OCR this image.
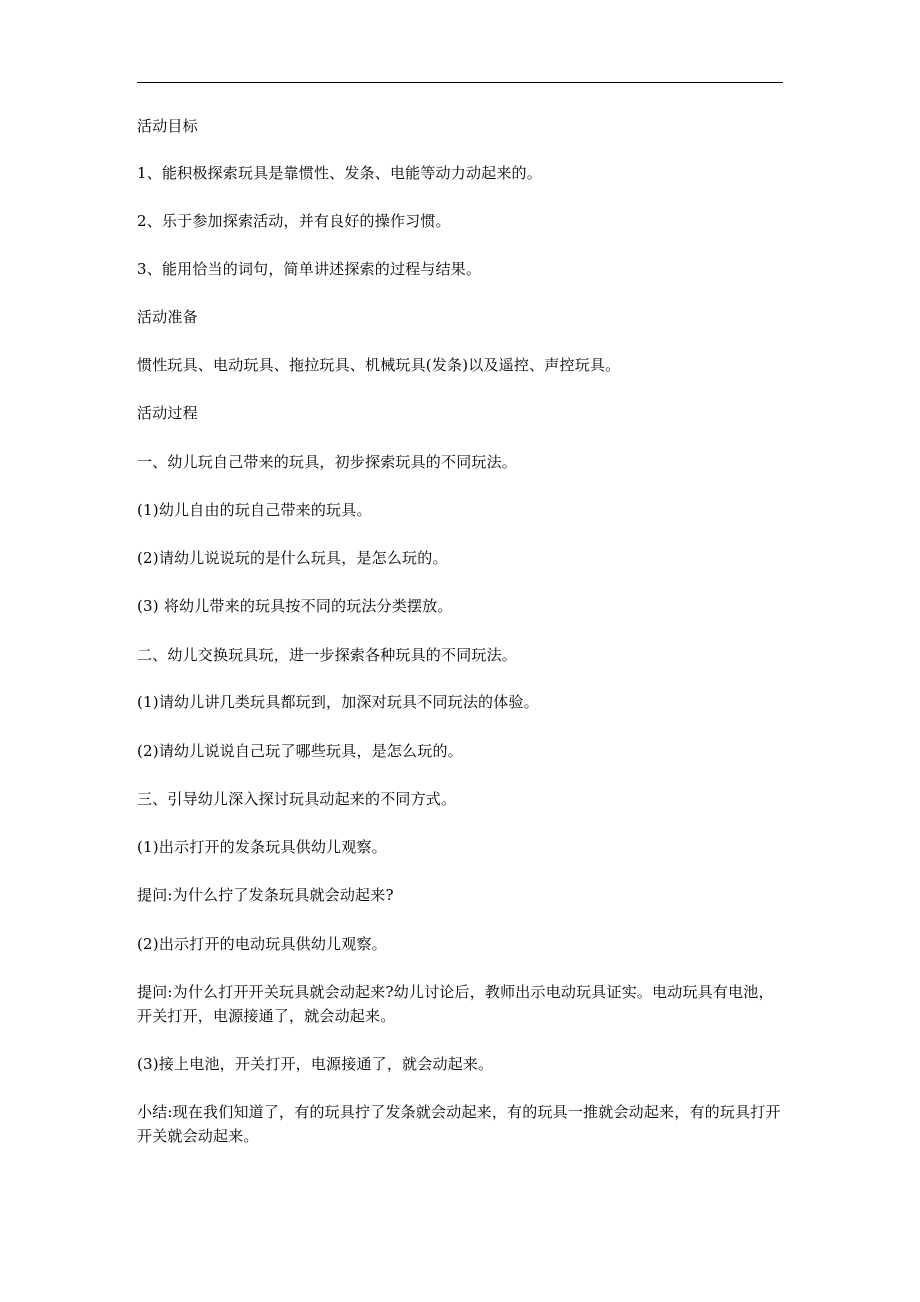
活动目标

1、能积极探索玩具是靠惯性、发条、电能等动力动起来的。

2、乐于参加探索活动，并有良好的操作习惯。

3、能用恰当的词句，简单讲述探索的过程与结果。

活动准备

惯性玩具、电动玩具、拖拉玩具、机械玩具(发条)以及遥控、声控玩具。

活动过程

一、幼儿玩自己带来的玩具，初步探索玩具的不同玩法。

(1)幼儿自由的玩自己带来的玩具。

(2)请幼儿说说玩的是什么玩具，是怎么玩的。

(3) 将幼儿带来的玩具按不同的玩法分类摆放。

二、幼儿交换玩具玩，进一步探索各种玩具的不同玩法。

(1)请幼儿讲几类玩具都玩到，加深对玩具不同玩法的体验。

(2)请幼儿说说自己玩了哪些玩具，是怎么玩的。

三、引导幼儿深入探讨玩具动起来的不同方式。

(1)出示打开的发条玩具供幼儿观察。

提问:为什么拧了发条玩具就会动起来?

(2)出示打开的电动玩具供幼儿观察。

提问:为什么打开开关玩具就会动起来?幼儿讨论后，教师出示电动玩具证实。电动玩具有电池，开关打开，电源接通了，就会动起来。

(3)接上电池，开关打开，电源接通了，就会动起来。

小结:现在我们知道了，有的玩具拧了发条就会动起来，有的玩具一推就会动起来，有的玩具打开开关就会动起来。
